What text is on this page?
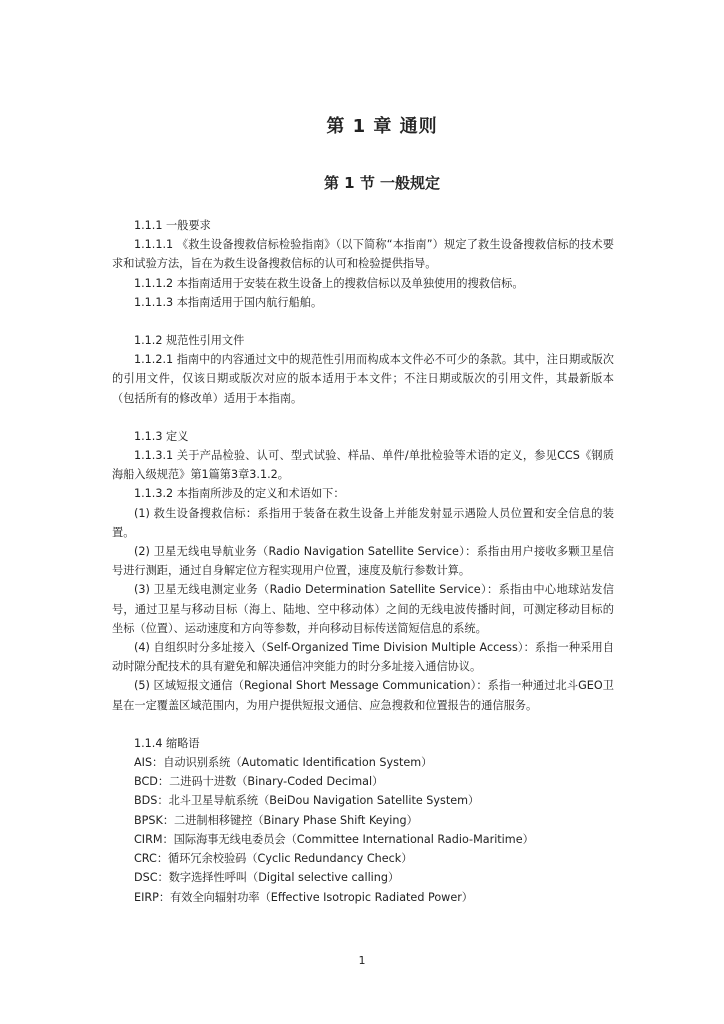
第 1 章 通则
第 1 节 一般规定

1.1.1 一般要求

1.1.1.1 《救生设备搜救信标检验指南》（以下简称“本指南”）规定了救生设备搜救信标的技术要求和试验方法，旨在为救生设备搜救信标的认可和检验提供指导。

1.1.1.2 本指南适用于安装在救生设备上的搜救信标以及单独使用的搜救信标。

1.1.1.3 本指南适用于国内航行船舶。

1.1.2 规范性引用文件

1.1.2.1 指南中的内容通过文中的规范性引用而构成本文件必不可少的条款。其中，注日期或版次的引用文件，仅该日期或版次对应的版本适用于本文件；不注日期或版次的引用文件，其最新版本（包括所有的修改单）适用于本指南。

1.1.3 定义

1.1.3.1 关于产品检验、认可、型式试验、样品、单件/单批检验等术语的定义，参见CCS《钢质海船入级规范》第1篇第3章3.1.2。

1.1.3.2 本指南所涉及的定义和术语如下：

(1) 救生设备搜救信标：系指用于装备在救生设备上并能发射显示遇险人员位置和安全信息的装置。

(2) 卫星无线电导航业务（Radio Navigation Satellite Service）：系指由用户接收多颗卫星信号进行测距，通过自身解定位方程实现用户位置，速度及航行参数计算。

(3) 卫星无线电测定业务（Radio Determination Satellite Service）：系指由中心地球站发信号，通过卫星与移动目标（海上、陆地、空中移动体）之间的无线电波传播时间，可测定移动目标的坐标（位置）、运动速度和方向等参数，并向移动目标传送简短信息的系统。

(4) 自组织时分多址接入（Self-Organized Time Division Multiple Access）：系指一种采用自动时隙分配技术的具有避免和解决通信冲突能力的时分多址接入通信协议。

(5) 区域短报文通信（Regional Short Message Communication）：系指一种通过北斗GEO卫星在一定覆盖区域范围内，为用户提供短报文通信、应急搜救和位置报告的通信服务。

1.1.4 缩略语

AIS：自动识别系统（Automatic Identification System）

BCD：二进码十进数（Binary-Coded Decimal）

BDS：北斗卫星导航系统（BeiDou Navigation Satellite System）

BPSK：二进制相移键控（Binary Phase Shift Keying）

CIRM：国际海事无线电委员会（Committee International Radio-Maritime）

CRC：循环冗余校验码（Cyclic Redundancy Check）

DSC：数字选择性呼叫（Digital selective calling）

EIRP：有效全向辐射功率（Effective Isotropic Radiated Power）

1
